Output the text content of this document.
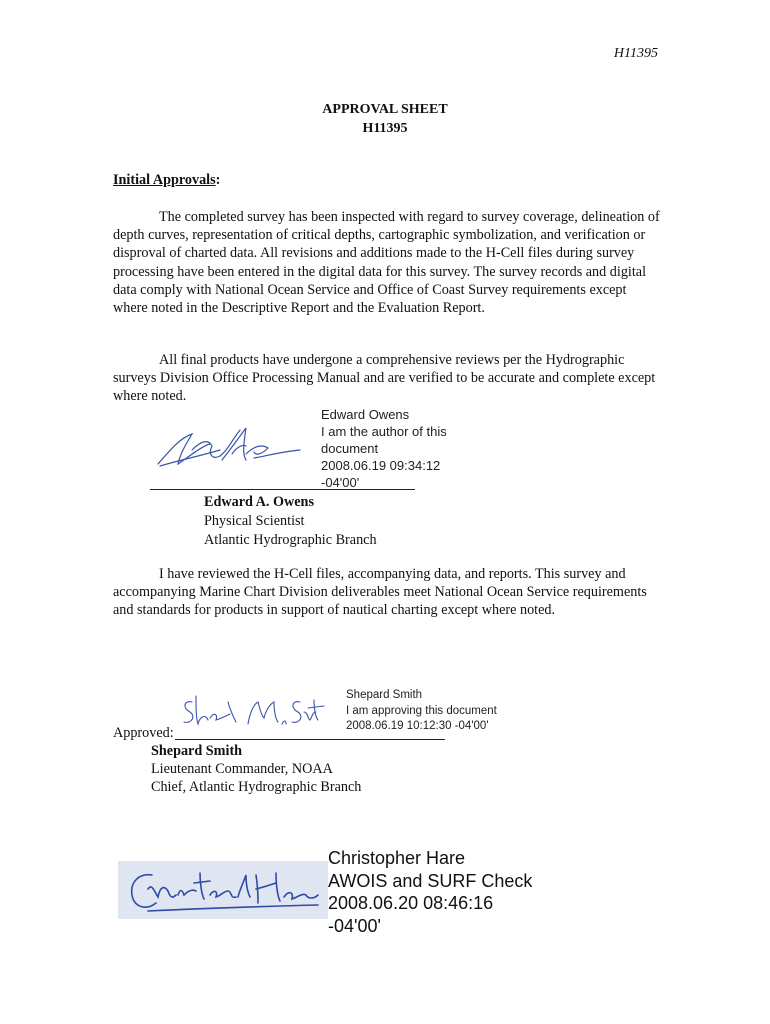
H11395
APPROVAL SHEET
H11395
Initial Approvals:

The completed survey has been inspected with regard to survey coverage, delineation of depth curves, representation of critical depths, cartographic symbolization, and verification or disproval of charted data. All revisions and additions made to the H-Cell files during survey processing have been entered in the digital data for this survey. The survey records and digital data comply with National Ocean Service and Office of Coast Survey requirements except where noted in the Descriptive Report and the Evaluation Report.

All final products have undergone a comprehensive reviews per the Hydrographic surveys Division Office Processing Manual and are verified to be accurate and complete except where noted.

Edward Owens
I am the author of this
document
2008.06.19 09:34:12
-04'00'
Edward A. Owens
Physical Scientist
Atlantic Hydrographic Branch

I have reviewed the H-Cell files, accompanying data, and reports. This survey and accompanying Marine Chart Division deliverables meet National Ocean Service requirements and standards for products in support of nautical charting except where noted.

Shepard Smith
I am approving this document
2008.06.19 10:12:30 -04'00'
Approved:
Shepard Smith
Lieutenant Commander, NOAA
Chief, Atlantic Hydrographic Branch
Christopher Hare
AWOIS and SURF Check
2008.06.20 08:46:16
-04'00'
